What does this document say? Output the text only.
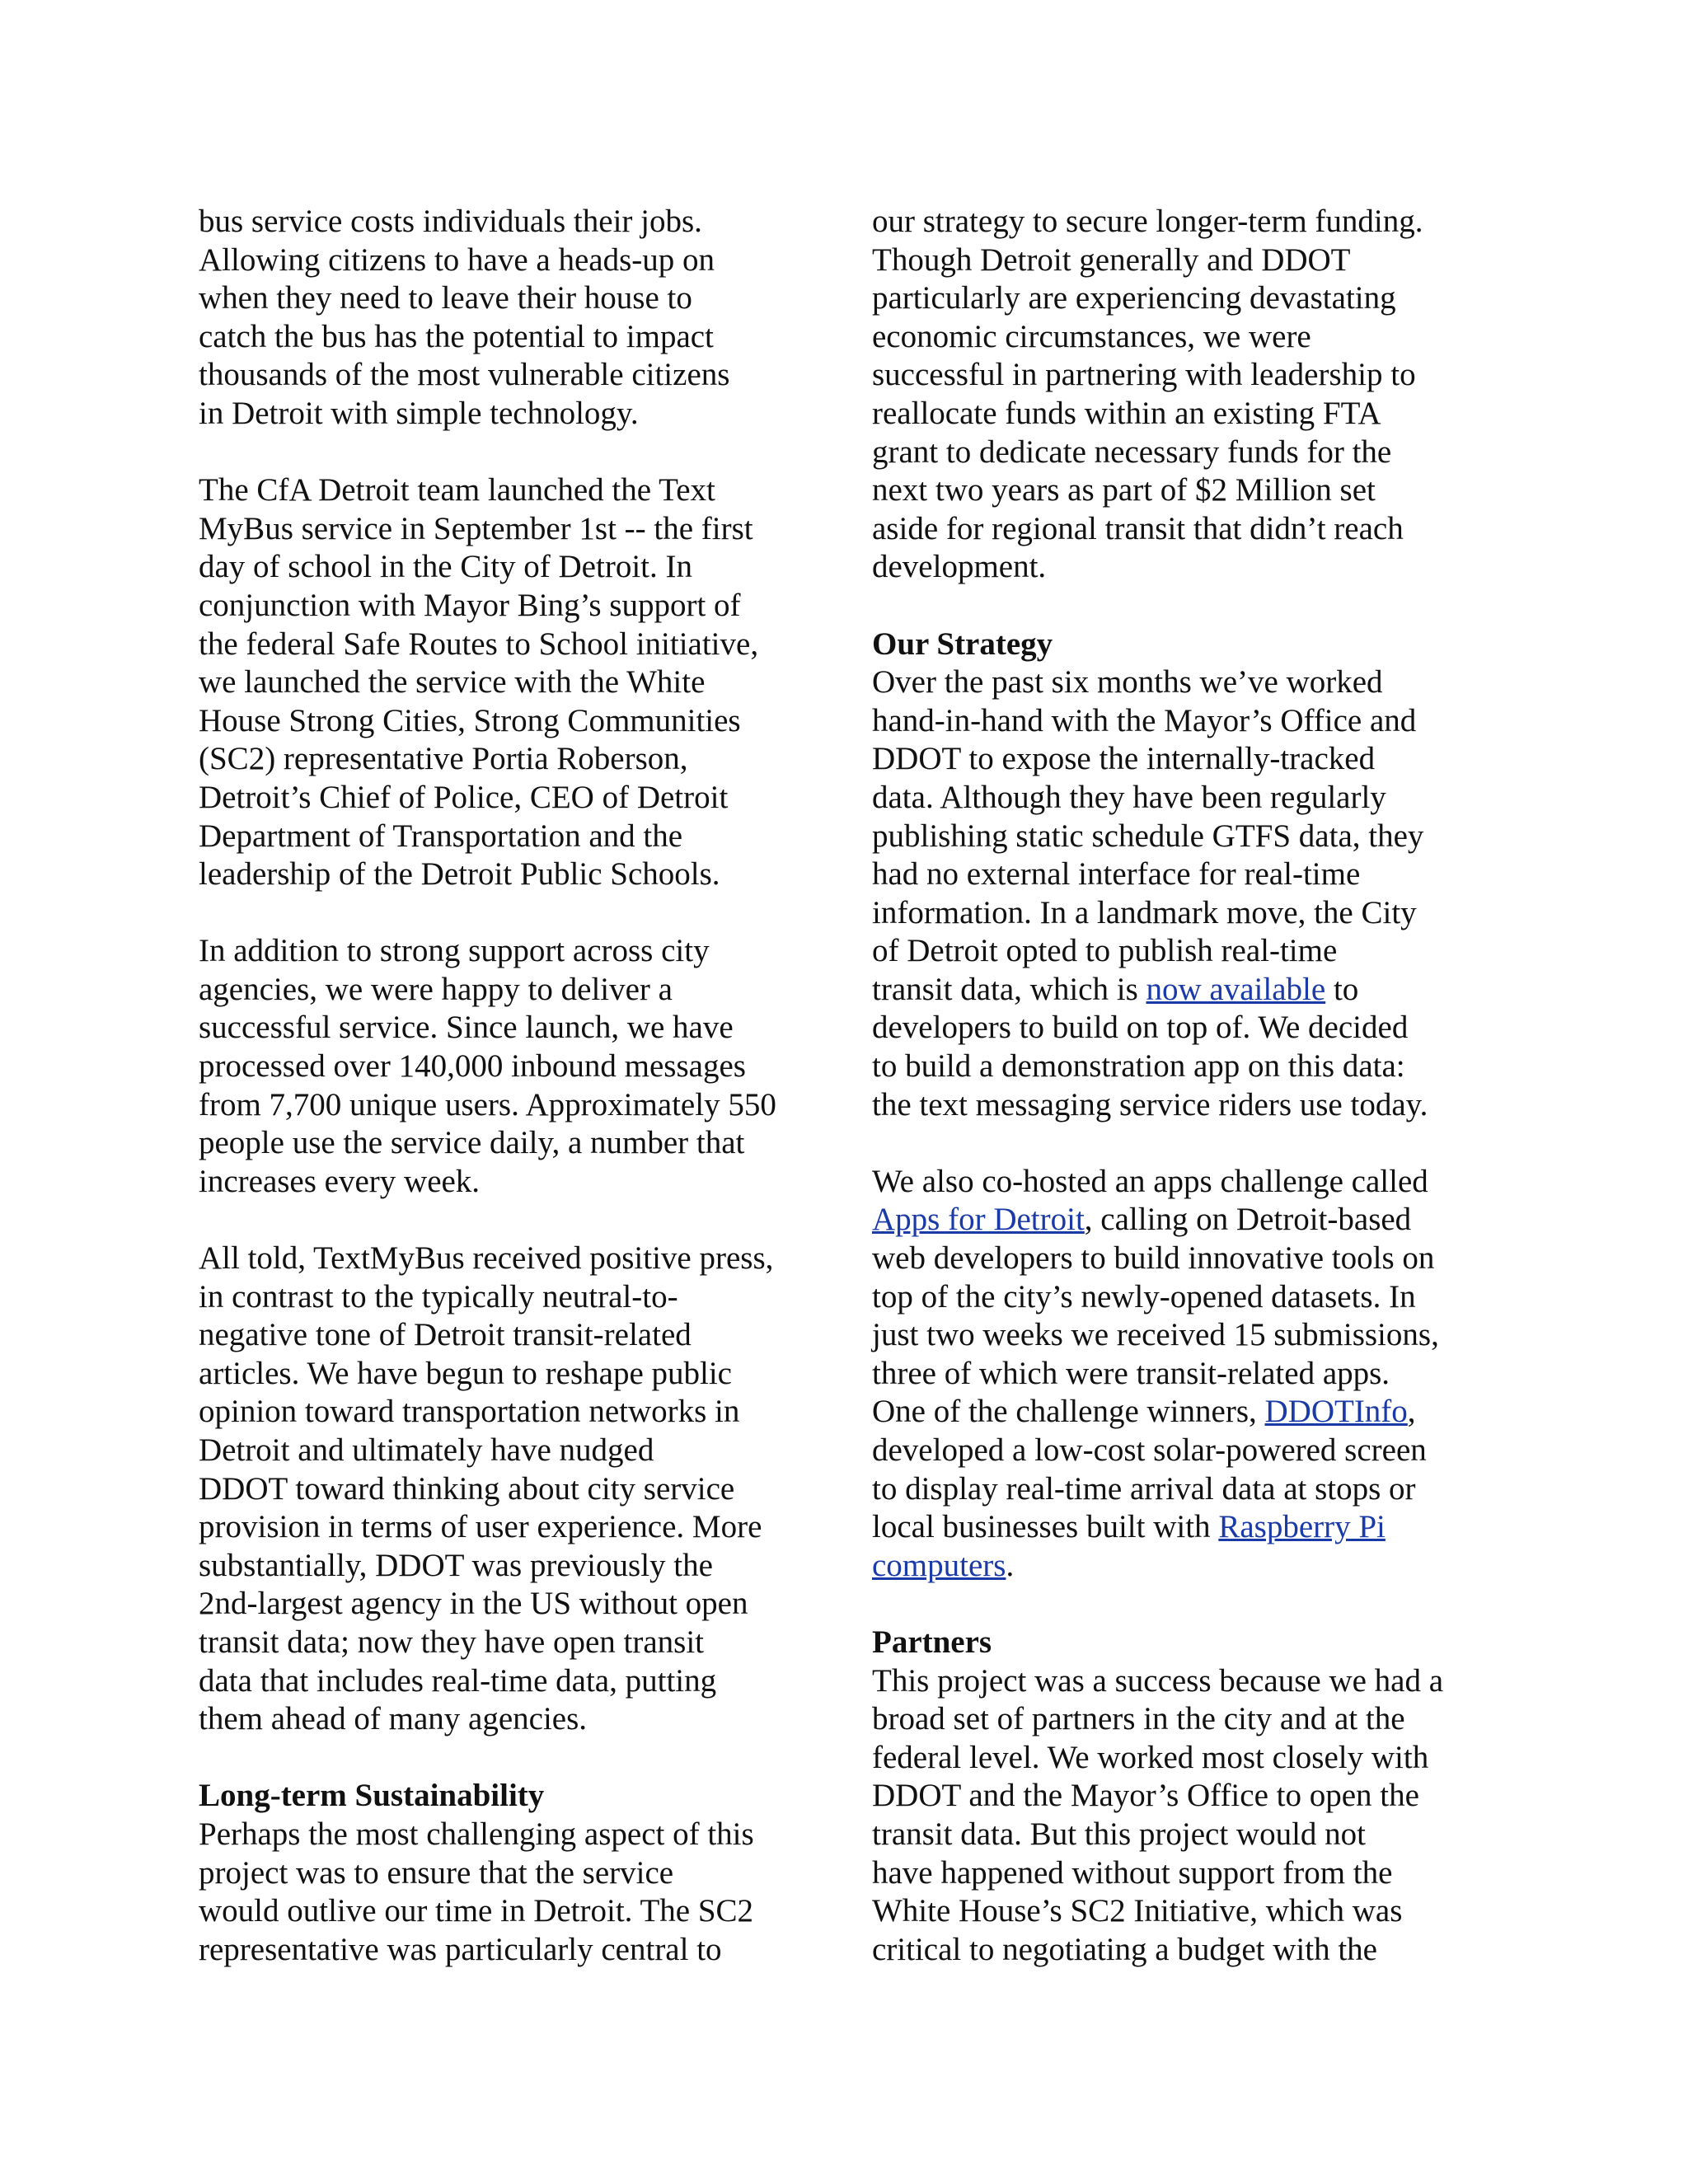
bus service costs individuals their jobs.
Allowing citizens to have a heads-up on
when they need to leave their house to
catch the bus has the potential to impact
thousands of the most vulnerable citizens
in Detroit with simple technology.
The CfA Detroit team launched the Text
MyBus service in September 1st -- the first
day of school in the City of Detroit. In
conjunction with Mayor Bing’s support of
the federal Safe Routes to School initiative,
we launched the service with the White
House Strong Cities, Strong Communities
(SC2) representative Portia Roberson,
Detroit’s Chief of Police, CEO of Detroit
Department of Transportation and the
leadership of the Detroit Public Schools.
In addition to strong support across city
agencies, we were happy to deliver a
successful service. Since launch, we have
processed over 140,000 inbound messages
from 7,700 unique users. Approximately 550
people use the service daily, a number that
increases every week.
All told, TextMyBus received positive press,
in contrast to the typically neutral-to-
negative tone of Detroit transit-related
articles. We have begun to reshape public
opinion toward transportation networks in
Detroit and ultimately have nudged
DDOT toward thinking about city service
provision in terms of user experience. More
substantially, DDOT was previously the
2nd-largest agency in the US without open
transit data; now they have open transit
data that includes real-time data, putting
them ahead of many agencies.
Long-term Sustainability
Perhaps the most challenging aspect of this
project was to ensure that the service
would outlive our time in Detroit. The SC2
representative was particularly central to
our strategy to secure longer-term funding.
Though Detroit generally and DDOT
particularly are experiencing devastating
economic circumstances, we were
successful in partnering with leadership to
reallocate funds within an existing FTA
grant to dedicate necessary funds for the
next two years as part of $2 Million set
aside for regional transit that didn’t reach
development.
Our Strategy
Over the past six months we’ve worked
hand-in-hand with the Mayor’s Office and
DDOT to expose the internally-tracked
data. Although they have been regularly
publishing static schedule GTFS data, they
had no external interface for real-time
information. In a landmark move, the City
of Detroit opted to publish real-time
transit data, which is now available to
developers to build on top of. We decided
to build a demonstration app on this data:
the text messaging service riders use today.
We also co-hosted an apps challenge called
Apps for Detroit, calling on Detroit-based
web developers to build innovative tools on
top of the city’s newly-opened datasets. In
just two weeks we received 15 submissions,
three of which were transit-related apps.
One of the challenge winners, DDOTInfo,
developed a low-cost solar-powered screen
to display real-time arrival data at stops or
local businesses built with Raspberry Pi
computers.
Partners
This project was a success because we had a
broad set of partners in the city and at the
federal level. We worked most closely with
DDOT and the Mayor’s Office to open the
transit data. But this project would not
have happened without support from the
White House’s SC2 Initiative, which was
critical to negotiating a budget with the
